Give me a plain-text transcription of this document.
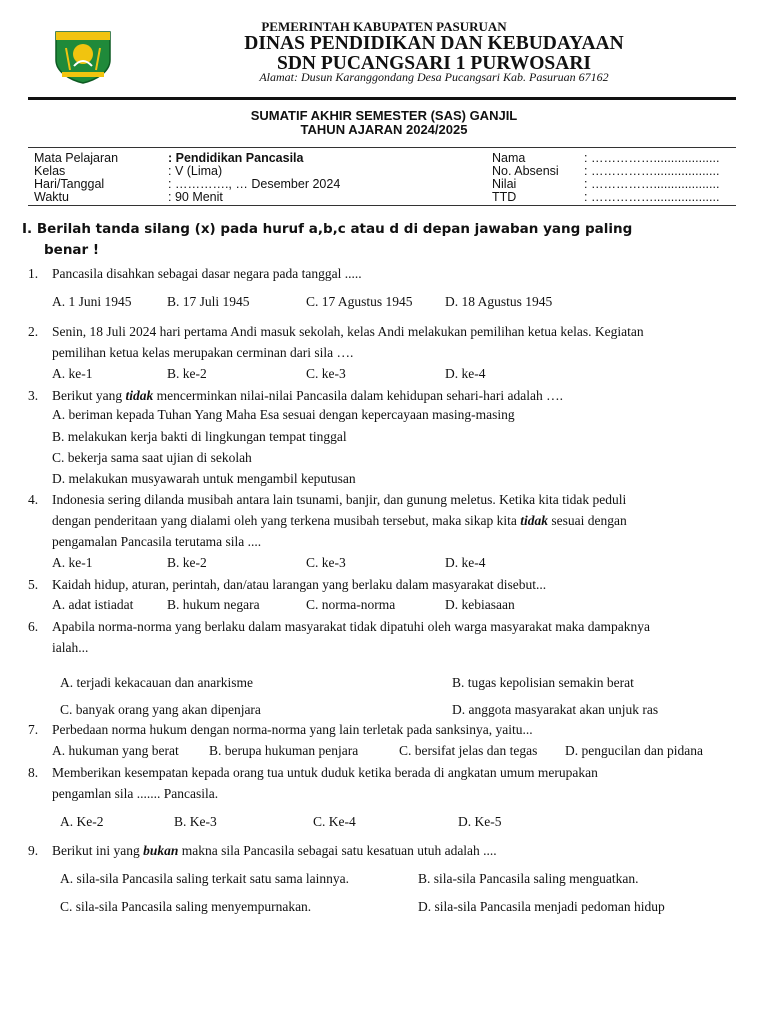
PEMERINTAH KABUPATEN PASURUAN
DINAS PENDIDIKAN DAN KEBUDAYAAN
SDN PUCANGSARI 1 PURWOSARI
Alamat: Dusun Karanggondang Desa Pucangsari Kab. Pasuruan 67162
SUMATIF AKHIR SEMESTER (SAS) GANJIL
TAHUN AJARAN 2024/2025
Mata Pelajaran	: Pendidikan Pancasila
Kelas	: V (Lima)
Hari/Tanggal	: …………., … Desember 2024
Waktu	: 90 Menit
Nama	: ……………...................
No. Absensi : ……………...................
Nilai	: ……………...................
TTD	: ……………...................
I. Berilah tanda silang (x) pada huruf a,b,c atau d di depan jawaban yang paling
benar !
1. Pancasila disahkan sebagai dasar negara pada tanggal .....
A. 1 Juni 1945	B. 17 Juli 1945	C. 17 Agustus 1945 D. 18 Agustus 1945
2. Senin, 18 Juli 2024 hari pertama Andi masuk sekolah, kelas Andi melakukan pemilihan ketua kelas. Kegiatan
pemilihan ketua kelas merupakan cerminan dari sila ….
A. ke-1	B. ke-2	C. ke-3	D. ke-4
3. Berikut yang tidak mencerminkan nilai-nilai Pancasila dalam kehidupan sehari-hari adalah ….
A. beriman kepada Tuhan Yang Maha Esa sesuai dengan kepercayaan masing-masing
B. melakukan kerja bakti di lingkungan tempat tinggal
C. bekerja sama saat ujian di sekolah
D. melakukan musyawarah untuk mengambil keputusan
4. Indonesia sering dilanda musibah antara lain tsunami, banjir, dan gunung meletus. Ketika kita tidak peduli
dengan penderitaan yang dialami oleh yang terkena musibah tersebut, maka sikap kita tidak sesuai dengan
pengamalan Pancasila terutama sila ....
A. ke-1	B. ke-2	C. ke-3	D. ke-4
5. Kaidah hidup, aturan, perintah, dan/atau larangan yang berlaku dalam masyarakat disebut...
A. adat istiadat B. hukum negara	C. norma-norma	D. kebiasaan
6. Apabila norma-norma yang berlaku dalam masyarakat tidak dipatuhi oleh warga masyarakat maka dampaknya
ialah...
A. terjadi kekacauan dan anarkisme	B. tugas kepolisian semakin berat
C. banyak orang yang akan dipenjara	D. anggota masyarakat akan unjuk ras
7. Perbedaan norma hukum dengan norma-norma yang lain terletak pada sanksinya, yaitu...
A. hukuman yang berat B. berupa hukuman penjara	C. bersifat jelas dan tegas D. pengucilan dan pidana
8. Memberikan kesempatan kepada orang tua untuk duduk ketika berada di angkatan umum merupakan
pengamlan sila ....... Pancasila.
A. Ke-2	B. Ke-3	C. Ke-4	D. Ke-5
9. Berikut ini yang bukan makna sila Pancasila sebagai satu kesatuan utuh adalah ....
A. sila-sila Pancasila saling terkait satu sama lainnya.	B. sila-sila Pancasila saling menguatkan.
C. sila-sila Pancasila saling menyempurnakan.	D. sila-sila Pancasila menjadi pedoman hidup
